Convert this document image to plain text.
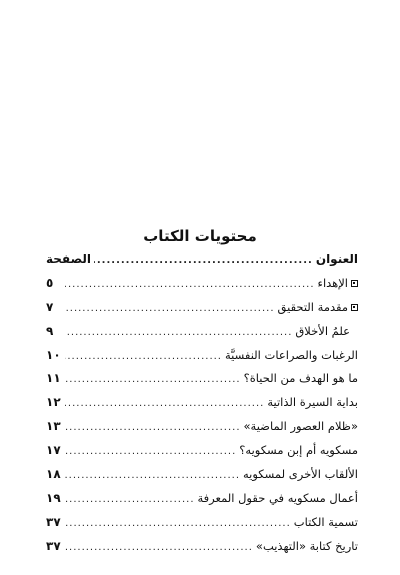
محتويات الكتاب
العنوان
.....
الصفحة
الإهداء
.....
٥
مقدمة التحقيق
.....
٧
علمُ الأخلاق
.....
٩
الرغبات والصراعات النفسيَّة
.....
١٠
ما هو الهدف من الحياة؟
.....
١١
بداية السيرة الذاتية
.....
١٢
«ظلام العصور الماضية»
.....
١٣
مسكويه أم إبن مسكويه؟
.....
١٧
الألقاب الأخرى لمسكويه
.....
١٨
أعمال مسكويه في حقول المعرفة
.....
١٩
تسمية الكتاب
.....
٣٧
تاريخ كتابة «التهذيب»
.....
٣٧
